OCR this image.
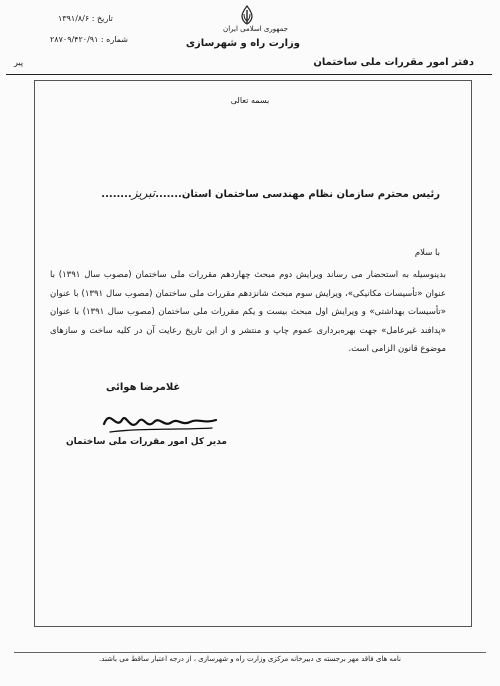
جمهوری اسلامی ایران
وزارت راه و شهرسازی
تاریخ : ۱۳۹۱/۸/۶
شماره : ۲۸۷۰۹/۴۲۰/۹۱
پیر	دفتر امور مقررات ملی ساختمان
بسمه تعالی
رئیس محترم سازمان نظام مهندسی ساختمان استان.......تبریز........
با سلام
بدینوسیله به استحضار می رساند ویرایش دوم مبحث چهاردهم مقررات ملی ساختمان (مصوب سال ۱۳۹۱) با عنوان «تأسیسات مکانیکی»، ویرایش سوم مبحث شانزدهم مقررات ملی ساختمان (مصوب سال ۱۳۹۱) با عنوان «تأسیسات بهداشتی» و ویرایش اول مبحث بیست و یکم مقررات ملی ساختمان (مصوب سال ۱۳۹۱) با عنوان «پدافند غیرعامل» جهت بهره‌برداری عموم چاپ و منتشر و از این تاریخ رعایت آن در کلیه ساخت و سازهای موضوع قانون الزامی است.
غلامرضا هوائی
مدیر کل امور مقررات ملی ساختمان
نامه های فاقد مهر برجسته ی دبیرخانه مرکزی وزارت راه و شهرسازی ، از درجه اعتبار ساقط می باشند.
